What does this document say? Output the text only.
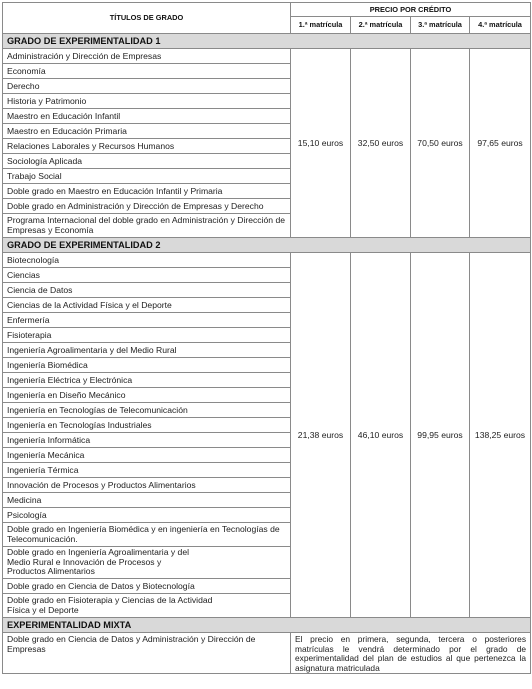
TÍTULOS DE GRADO	PRECIO POR CRÉDITO			
	1.ª matrícula	2.ª matrícula	3.ª matrícula	4.ª matrícula
GRADO DE EXPERIMENTALIDAD 1				
Administración y Dirección de Empresas	15,10 euros	32,50 euros	70,50 euros	97,65 euros
Economía				
Derecho				
Historia y Patrimonio				
Maestro en Educación Infantil				
Maestro en Educación Primaria				
Relaciones Laborales y Recursos Humanos				
Sociología Aplicada				
Trabajo Social				
Doble grado en Maestro en Educación Infantil y Primaria				
Doble grado en Administración y Dirección de Empresas y Derecho				
Programa Internacional del doble grado en Administración y Dirección de Empresas y Economía				
GRADO DE EXPERIMENTALIDAD 2				
Biotecnología	21,38 euros	46,10 euros	99,95 euros	138,25 euros
Ciencias				
Ciencia de Datos				
Ciencias de la Actividad Física y el Deporte				
Enfermería				
Fisioterapia				
Ingeniería Agroalimentaria y del Medio Rural				
Ingeniería Biomédica				
Ingeniería Eléctrica y Electrónica				
Ingeniería en Diseño Mecánico				
Ingeniería en Tecnologías de Telecomunicación				
Ingeniería en Tecnologías Industriales				
Ingeniería Informática				
Ingeniería Mecánica				
Ingeniería Térmica				
Innovación de Procesos y Productos Alimentarios				
Medicina				
Psicología				
Doble grado en Ingeniería Biomédica y en ingeniería en Tecnologías de Telecomunicación.				
Doble grado en Ingeniería Agroalimentaria y del Medio Rural e Innovación de Procesos y Productos Alimentarios				
Doble grado en Ciencia de Datos y Biotecnología				
Doble grado en Fisioterapia y Ciencias de la Actividad Física y el Deporte				
EXPERIMENTALIDAD MIXTA				
Doble grado en Ciencia de Datos y Administración y Dirección de Empresas	El precio en primera, segunda, tercera o posteriores matrículas le vendrá determinado por el grado de experimentalidad del plan de estudios al que pertenezca la asignatura matriculada			
